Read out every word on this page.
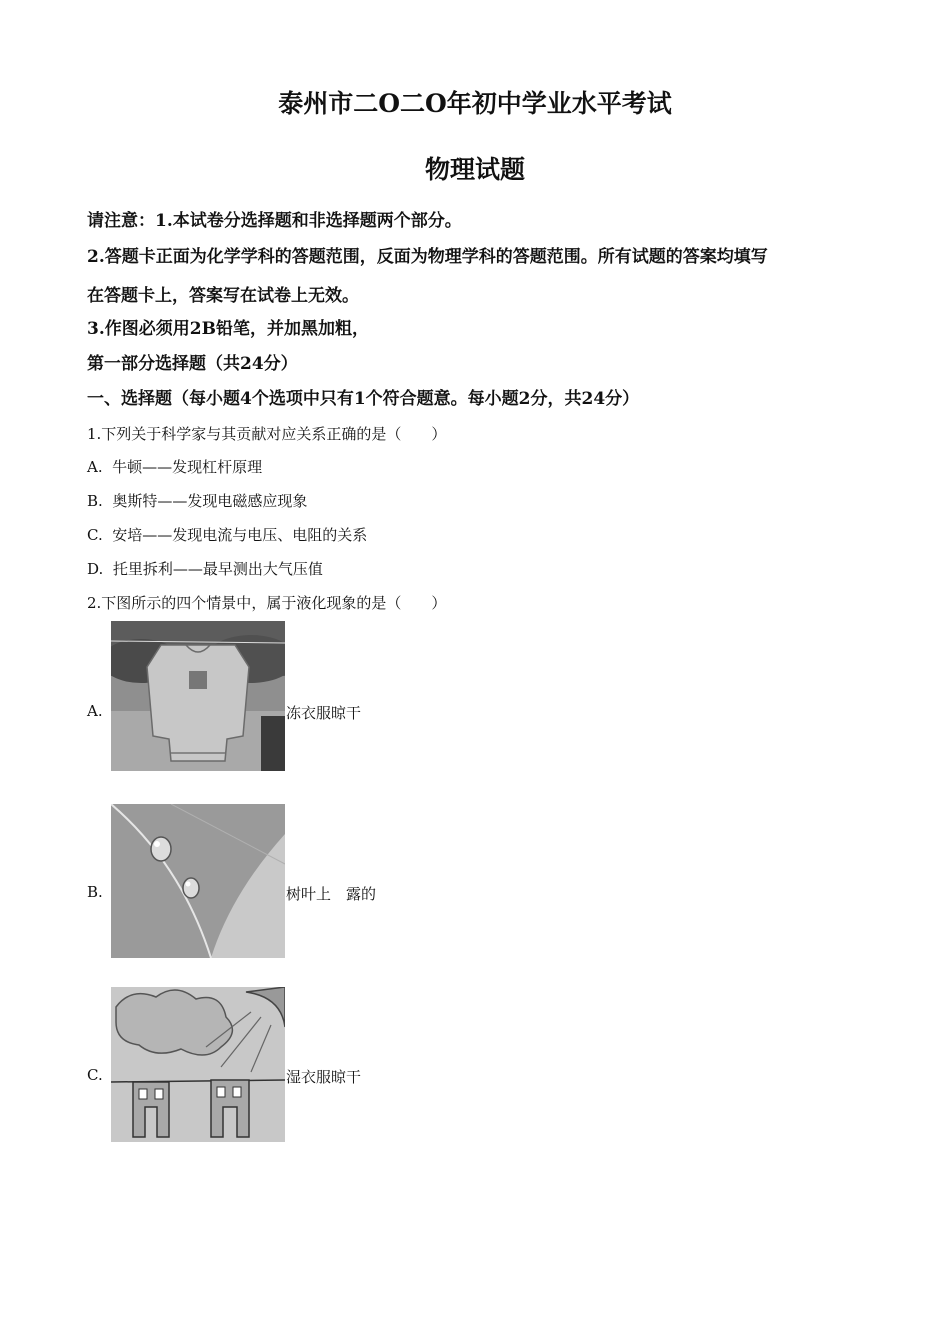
泰州市二O二O年初中学业水平考试
物理试题
请注意：1.本试卷分选择题和非选择题两个部分。
2.答题卡正面为化学学科的答题范围，反面为物理学科的答题范围。所有试题的答案均填写
在答题卡上，答案写在试卷上无效。
3.作图必须用2B铅笔，并加黑加粗，
第一部分选择题（共24分）
一、选择题（每小题4个选项中只有1个符合题意。每小题2分，共24分）
1.下列关于科学家与其贡献对应关系正确的是（　　）
A. 牛顿——发现杠杆原理
B. 奥斯特——发现电磁感应现象
C. 安培——发现电流与电压、电阻的关系
D. 托里拆利——最早测出大气压值
2.下图所示的四个情景中，属于液化现象的是（　　）
A.	冻衣服晾干
B.	树叶上　露的
C.	湿衣服晾干
